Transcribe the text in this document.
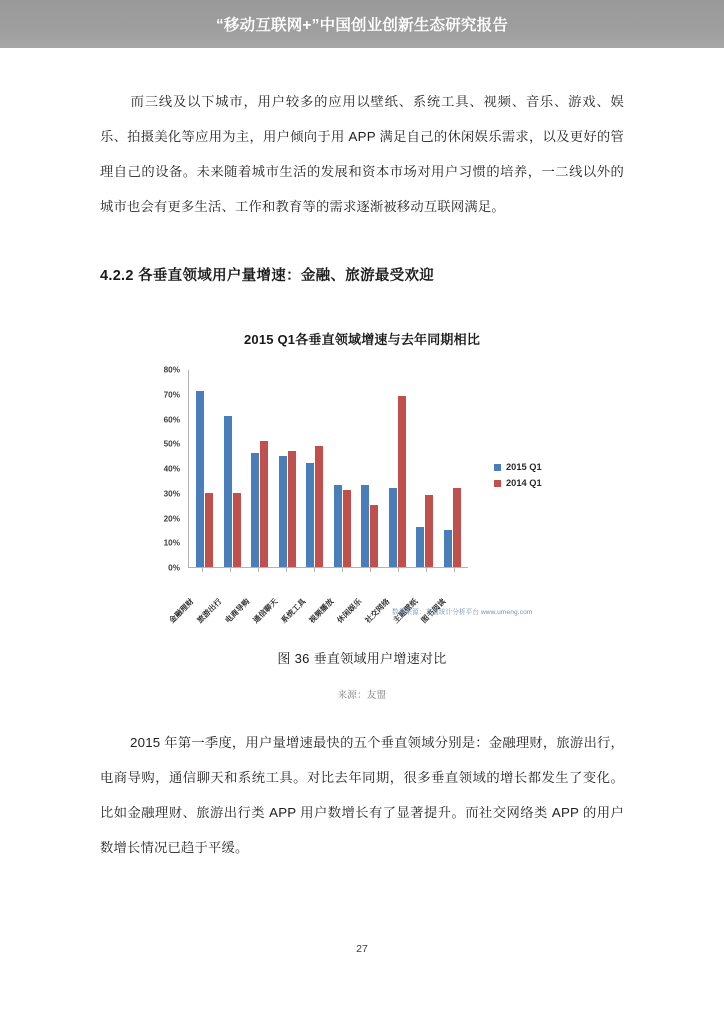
“移动互联网+”中国创业创新生态研究报告

而三线及以下城市，用户较多的应用以壁纸、系统工具、视频、音乐、游戏、娱乐、拍摄美化等应用为主，用户倾向于用 APP 满足自己的休闲娱乐需求，以及更好的管理自己的设备。未来随着城市生活的发展和资本市场对用户习惯的培养，一二线以外的城市也会有更多生活、工作和教育等的需求逐渐被移动互联网满足。

4.2.2 各垂直领域用户量增速：金融、旅游最受欢迎
2015 Q1各垂直领域增速与去年同期相比
80%
70%
60%
50%
40%
30%
20%
10%
0%
金融理财 旅游出行 电商导购 通信聊天 系统工具 视频播放 休闲娱乐 社交网络 主题壁纸 图书阅读
2015 Q1
2014 Q1
数据来源：友盟统计分析平台 www.umeng.com
图 36 垂直领域用户增速对比
来源：友盟

2015 年第一季度，用户量增速最快的五个垂直领域分别是：金融理财，旅游出行，电商导购，通信聊天和系统工具。对比去年同期，很多垂直领域的增长都发生了变化。比如金融理财、旅游出行类 APP 用户数增长有了显著提升。而社交网络类 APP 的用户数增长情况已趋于平缓。

27
